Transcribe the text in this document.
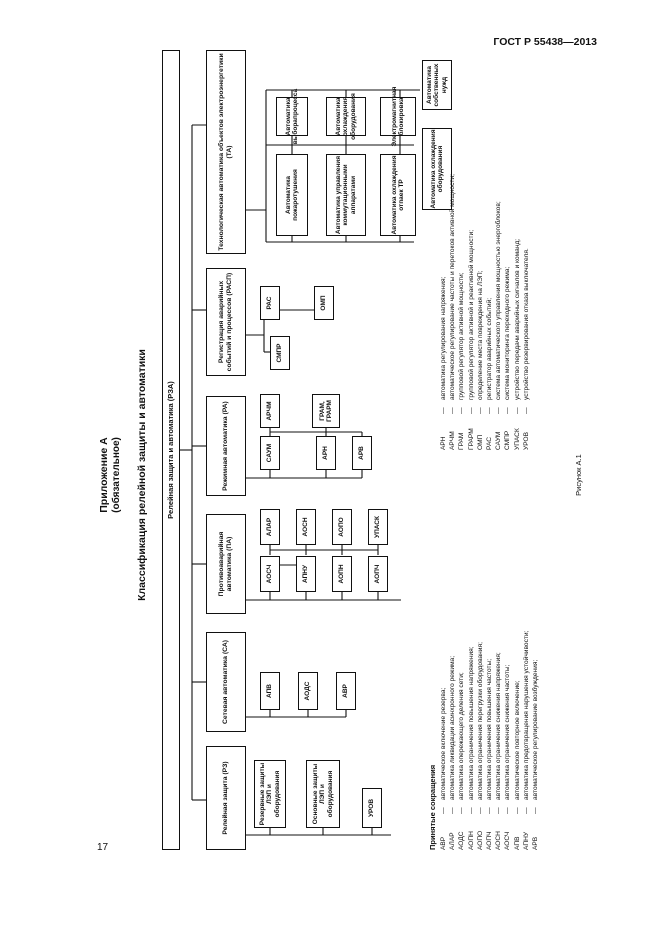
ГОСТ Р 55438—2013
17
Приложение А (обязательное) Классификация релейной защиты и автоматики	Релейная защита и автоматика (РЗА)
Релейная защита (РЗ)
Сетевая автоматика (СА)
Противоаварийная автоматика (ПА)
Режимная автоматика (РА)
Регистрация аварийных событий и процессов (РАСП)
Технологическая автоматика объектов электроэнергетики (ТА)
Резервные защиты ЛЭП и оборудования	Основные защиты ЛЭП и оборудования	УРОВ
АПВ	АОДС	АВР
АОСЧ
АЛАР
АПНУ
АОСН
АОПН
АОПО
АОПЧ
УПАСК
САУМ
АРЧМ
АРН
ГРАМ, ГРАРМ
АРВ
СМПР
РАС	ОМП
Автоматика пожаротушения
Автоматика выборапроцесса
Автоматика управления коммутационными аппаратами
Автоматика охлаждения оборудования
Автоматика охлаждения отпаек ТР
Электромагнитная блокировка
Автоматика охлаждения оборудования
Автоматика собственных нужд
Принятые сокращения АВР
—
автоматическое включение резерва;
АЛАР
—
автоматика ликвидации асинхронного режима;
АОДС
—
автоматика опережающего деления сети;
АОПН
—
автоматика ограничения повышения напряжения;
АОПО
—
автоматика ограничения перегрузки оборудования;
АОПЧ
—
автоматика ограничения повышения частоты;
АОСН
—
автоматика ограничения снижения напряжения;
АОСЧ
—
автоматика ограничения снижения частоты;
АПВ
—
автоматическое повторное включение;
АПНУ
—
автоматика предотвращения нарушения устойчивости;
АРВ
—
автоматическое регулирование возбуждения;
АРН
—
автоматика регулирования напряжения;
АРЧМ
—
автоматическое регулирование частоты и перетоков активной мощности;
ГРАМ
—
групповой регулятор активной мощности;
ГРАРМ
—
групповой регулятор активной и реактивной мощности;
ОМП
—
определение места повреждения на ЛЭП;
РАС
—
регистратор аварийных событий;
САУМ
—
система автоматического управления мощностью энергоблоков;
СМПР
—
система мониторинга переходного режима;
УПАСК
—
устройство передачи аварийных сигналов и команд;
УРОВ
—
устройство резервирования отказа выключателя.
Рисунок А.1
